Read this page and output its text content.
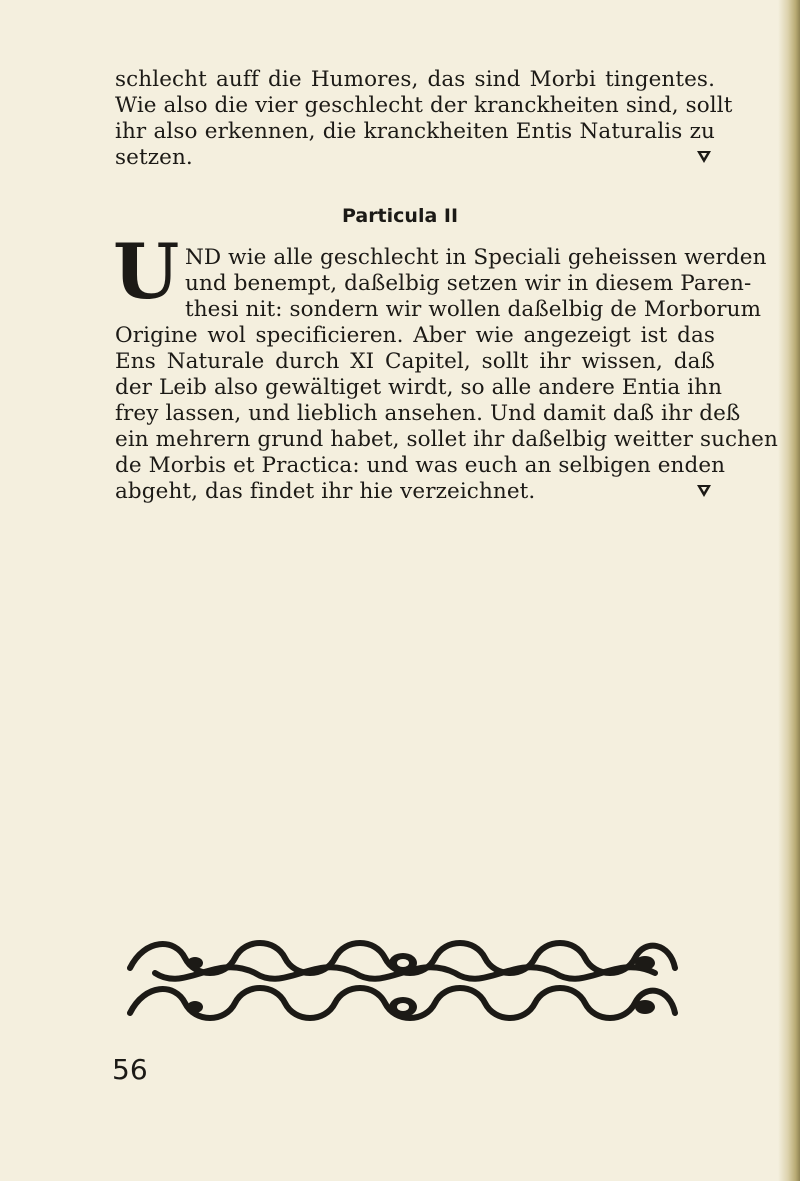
schlecht auff die Humores, das sind Morbi tingentes.
Wie also die vier geschlecht der kranckheiten sind, sollt
ihr also erkennen, die kranckheiten Entis Naturalis zu
setzen.
Particula II
U ND wie alle geschlecht in Speciali geheissen werden
und benempt, daßelbig setzen wir in diesem Paren-
thesi nit: sondern wir wollen daßelbig de Morborum
Origine wol specificieren. Aber wie angezeigt ist das
Ens Naturale durch XI Capitel, sollt ihr wissen, daß
der Leib also gewältiget wirdt, so alle andere Entia ihn
frey lassen, und lieblich ansehen. Und damit daß ihr deß
ein mehrern grund habet, sollet ihr daßelbig weitter suchen
de Morbis et Practica: und was euch an selbigen enden
abgeht, das findet ihr hie verzeichnet.
56
